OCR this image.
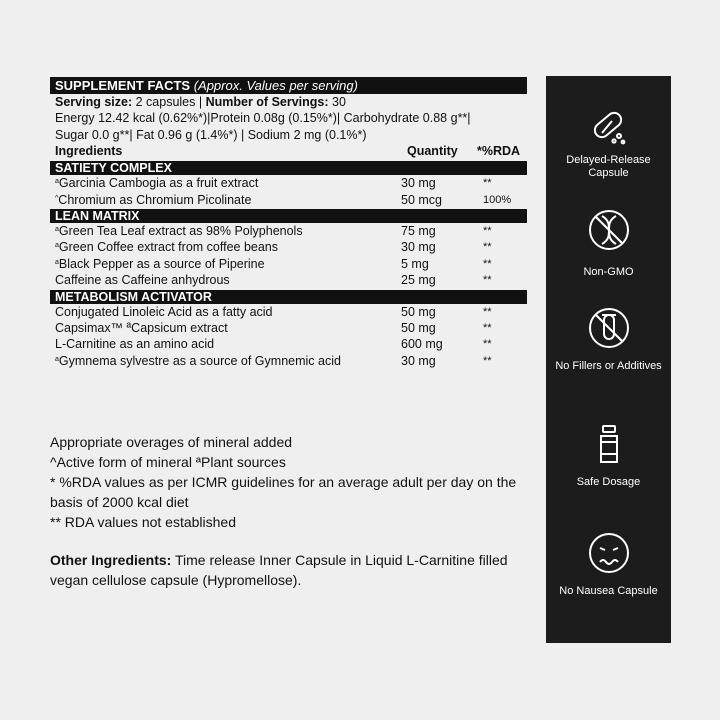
SUPPLEMENT FACTS (Approx. Values per serving)
Serving size: 2 capsules | Number of Servings: 30
Energy 12.42 kcal (0.62%*)|Protein 0.08g (0.15%*)| Carbohydrate 0.88 g**|
Sugar 0.0 g**| Fat 0.96 g (1.4%*) | Sodium 2 mg (0.1%*)
Ingredients	Quantity	*%RDA
SATIETY COMPLEX
$^a$Garcinia Cambogia as a fruit extract	30 mg	**
^Chromium as Chromium Picolinate	50 mcg	100%
LEAN MATRIX
$^a$Green Tea Leaf extract as 98% Polyphenols	75 mg	**
$^a$Green Coffee extract from coffee beans	30 mg	**
$^a$Black Pepper as a source of Piperine	5 mg	**
Caffeine as Caffeine anhydrous	25 mg	**
METABOLISM ACTIVATOR
Conjugated Linoleic Acid as a fatty acid	50 mg	**
Capsimax™ ªCapsicum extract	50 mg	**
L-Carnitine as an amino acid	600 mg	**
$^a$Gymnema sylvestre as a source of Gymnemic acid	30 mg	**

Appropriate overages of mineral added

^Active form of mineral ªPlant sources

* %RDA values as per ICMR guidelines for an average adult per day on the basis of 2000 kcal diet

** RDA values not established

Other Ingredients: Time release Inner Capsule in Liquid L-Carnitine filled vegan cellulose capsule (Hypromellose).
Delayed-Release Capsule
Non-GMO
No Fillers or Additives
Safe Dosage
No Nausea Capsule
